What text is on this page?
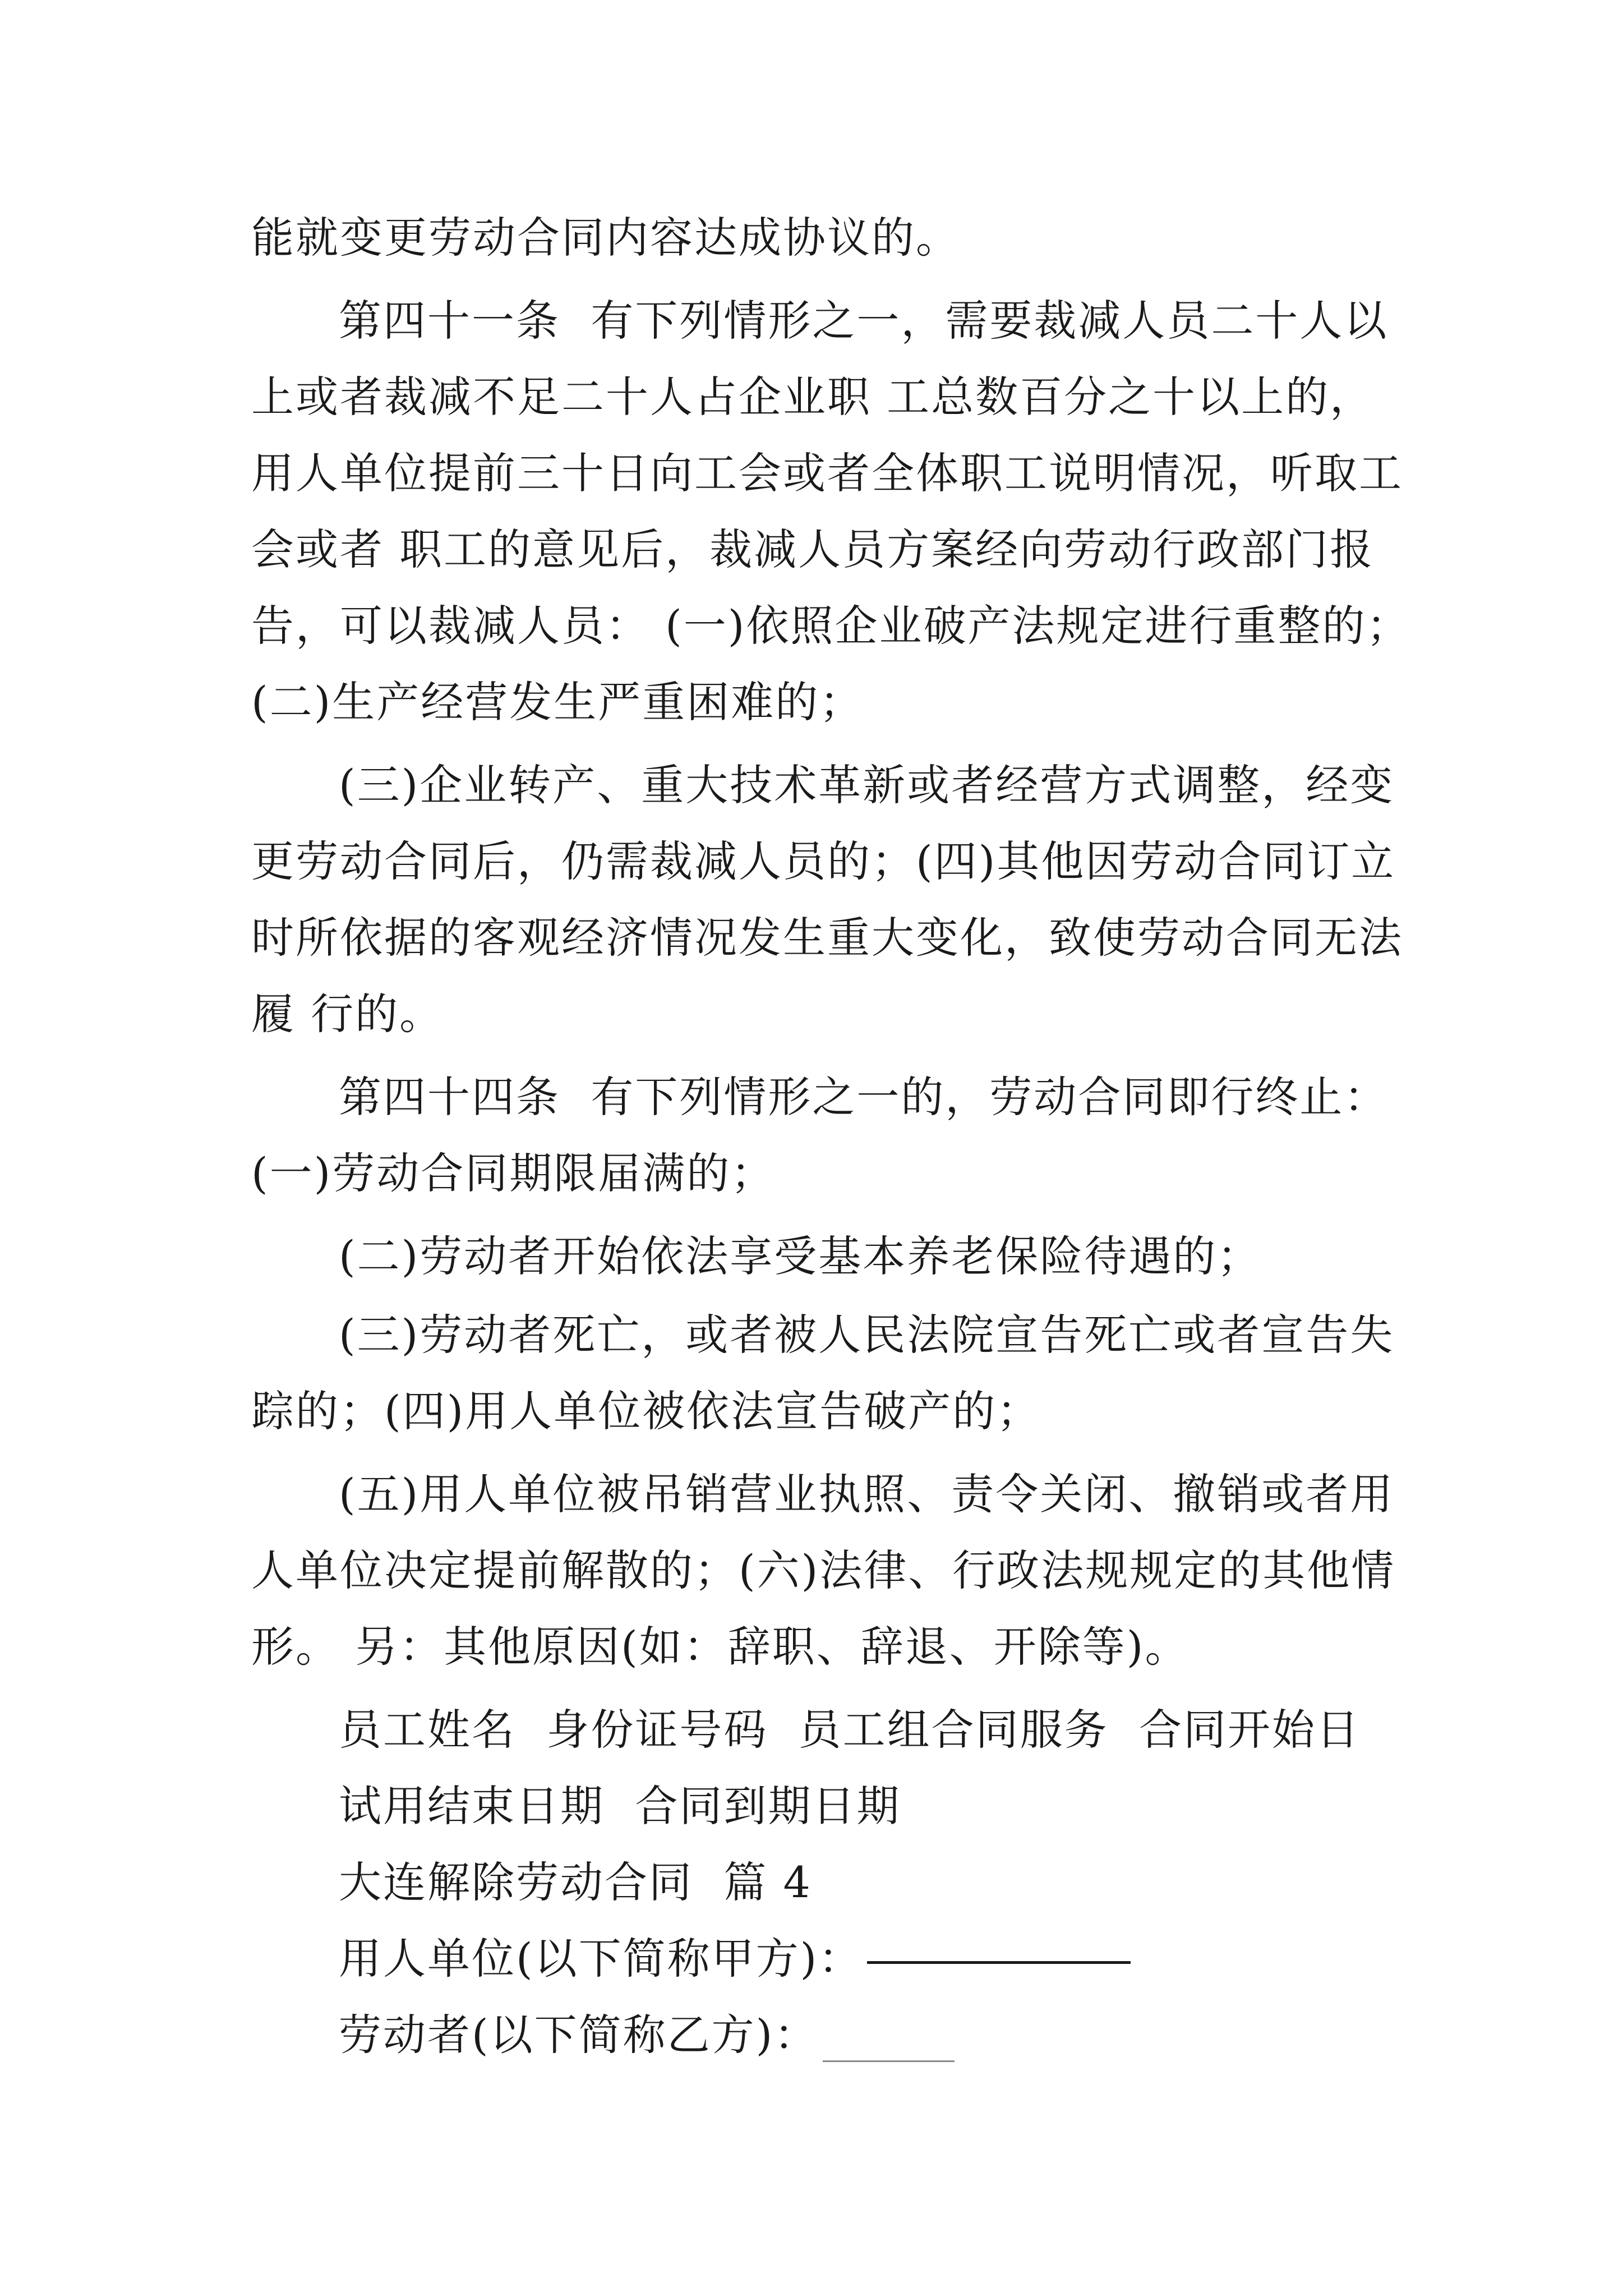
能就变更劳动合同内容达成协议的。
第四十一条  有下列情形之一，需要裁减人员二十人以
上或者裁减不足二十人占企业职 工总数百分之十以上的，
用人单位提前三十日向工会或者全体职工说明情况，听取工
会或者 职工的意见后，裁减人员方案经向劳动行政部门报
告，可以裁减人员： (一)依照企业破产法规定进行重整的；
(二)生产经营发生严重困难的；
(三)企业转产、重大技术革新或者经营方式调整，经变
更劳动合同后，仍需裁减人员的；(四)其他因劳动合同订立
时所依据的客观经济情况发生重大变化，致使劳动合同无法
履 行的。
第四十四条  有下列情形之一的，劳动合同即行终止：
(一)劳动合同期限届满的；
(二)劳动者开始依法享受基本养老保险待遇的；
(三)劳动者死亡，或者被人民法院宣告死亡或者宣告失
踪的；(四)用人单位被依法宣告破产的；
(五)用人单位被吊销营业执照、责令关闭、撤销或者用
人单位决定提前解散的；(六)法律、行政法规规定的其他情
形。 另：其他原因(如：辞职、辞退、开除等)。
员工姓名  身份证号码  员工组合同服务  合同开始日
试用结束日期  合同到期日期
大连解除劳动合同  篇 4
用人单位(以下简称甲方)：
劳动者(以下简称乙方)：
